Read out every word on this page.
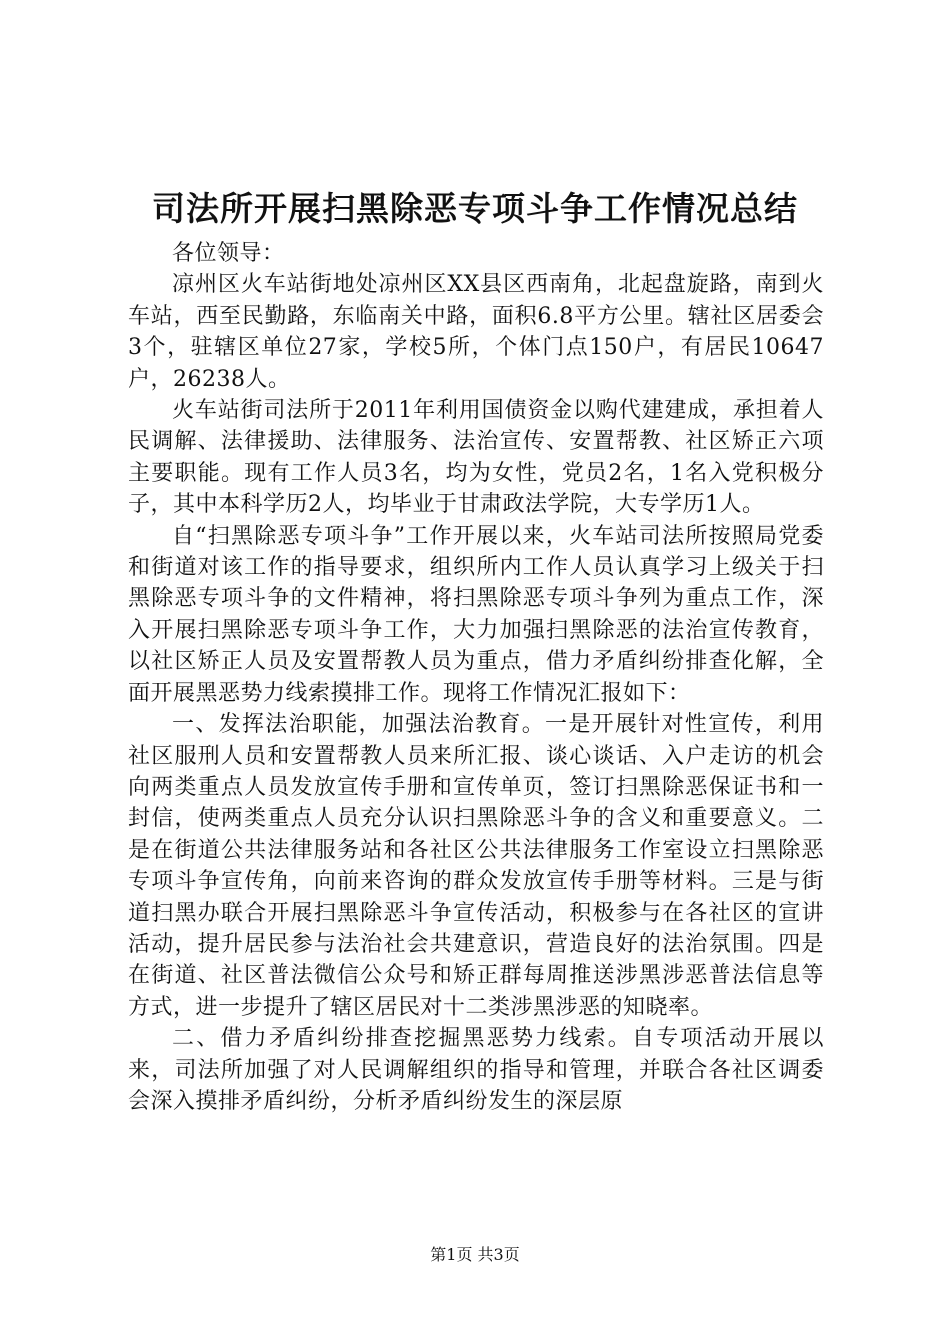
司法所开展扫黑除恶专项斗争工作情况总结

各位领导：

凉州区火车站街地处凉州区XX县区西南角，北起盘旋路，南到火车站，西至民勤路，东临南关中路，面积6.8平方公里。辖社区居委会3个，驻辖区单位27家，学校5所，个体门点150户，有居民10647户，26238人。

火车站街司法所于2011年利用国债资金以购代建建成，承担着人民调解、法律援助、法律服务、法治宣传、安置帮教、社区矫正六项主要职能。现有工作人员3名，均为女性，党员2名，1名入党积极分子，其中本科学历2人，均毕业于甘肃政法学院，大专学历1人。

自“扫黑除恶专项斗争”工作开展以来，火车站司法所按照局党委和街道对该工作的指导要求，组织所内工作人员认真学习上级关于扫黑除恶专项斗争的文件精神，将扫黑除恶专项斗争列为重点工作，深入开展扫黑除恶专项斗争工作，大力加强扫黑除恶的法治宣传教育，以社区矫正人员及安置帮教人员为重点，借力矛盾纠纷排查化解，全面开展黑恶势力线索摸排工作。现将工作情况汇报如下：

一、发挥法治职能，加强法治教育。一是开展针对性宣传，利用社区服刑人员和安置帮教人员来所汇报、谈心谈话、入户走访的机会向两类重点人员发放宣传手册和宣传单页，签订扫黑除恶保证书和一封信，使两类重点人员充分认识扫黑除恶斗争的含义和重要意义。二是在街道公共法律服务站和各社区公共法律服务工作室设立扫黑除恶专项斗争宣传角，向前来咨询的群众发放宣传手册等材料。三是与街道扫黑办联合开展扫黑除恶斗争宣传活动，积极参与在各社区的宣讲活动，提升居民参与法治社会共建意识，营造良好的法治氛围。四是在街道、社区普法微信公众号和矫正群每周推送涉黑涉恶普法信息等方式，进一步提升了辖区居民对十二类涉黑涉恶的知晓率。

二、借力矛盾纠纷排查挖掘黑恶势力线索。自专项活动开展以来，司法所加强了对人民调解组织的指导和管理，并联合各社区调委会深入摸排矛盾纠纷，分析矛盾纠纷发生的深层原

第1页 共3页
